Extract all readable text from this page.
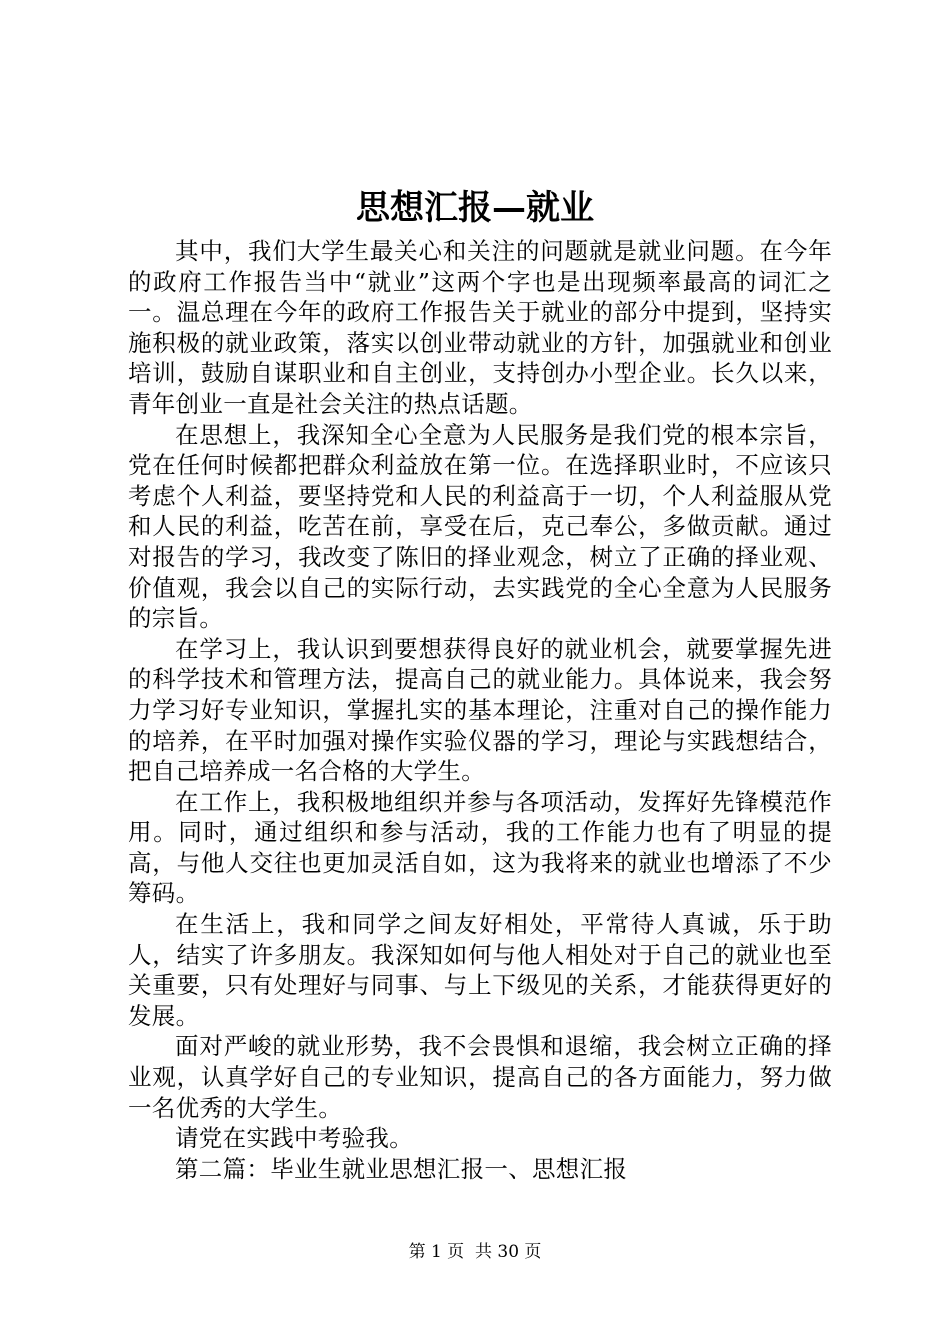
思想汇报—就业

其中，我们大学生最关心和关注的问题就是就业问题。在今年的政府工作报告当中“就业”这两个字也是出现频率最高的词汇之一。温总理在今年的政府工作报告关于就业的部分中提到，坚持实施积极的就业政策，落实以创业带动就业的方针，加强就业和创业培训，鼓励自谋职业和自主创业，支持创办小型企业。长久以来，青年创业一直是社会关注的热点话题。

在思想上，我深知全心全意为人民服务是我们党的根本宗旨，党在任何时候都把群众利益放在第一位。在选择职业时，不应该只考虑个人利益，要坚持党和人民的利益高于一切，个人利益服从党和人民的利益，吃苦在前，享受在后，克己奉公，多做贡献。通过对报告的学习，我改变了陈旧的择业观念，树立了正确的择业观、价值观，我会以自己的实际行动，去实践党的全心全意为人民服务的宗旨。

在学习上，我认识到要想获得良好的就业机会，就要掌握先进的科学技术和管理方法，提高自己的就业能力。具体说来，我会努力学习好专业知识，掌握扎实的基本理论，注重对自己的操作能力的培养，在平时加强对操作实验仪器的学习，理论与实践想结合，把自己培养成一名合格的大学生。

在工作上，我积极地组织并参与各项活动，发挥好先锋模范作用。同时，通过组织和参与活动，我的工作能力也有了明显的提高，与他人交往也更加灵活自如，这为我将来的就业也增添了不少筹码。

在生活上，我和同学之间友好相处，平常待人真诚，乐于助人，结实了许多朋友。我深知如何与他人相处对于自己的就业也至关重要，只有处理好与同事、与上下级见的关系，才能获得更好的发展。

面对严峻的就业形势，我不会畏惧和退缩，我会树立正确的择业观，认真学好自己的专业知识，提高自己的各方面能力，努力做一名优秀的大学生。

请党在实践中考验我。

第二篇：毕业生就业思想汇报一、思想汇报

第 1 页  共 30 页
